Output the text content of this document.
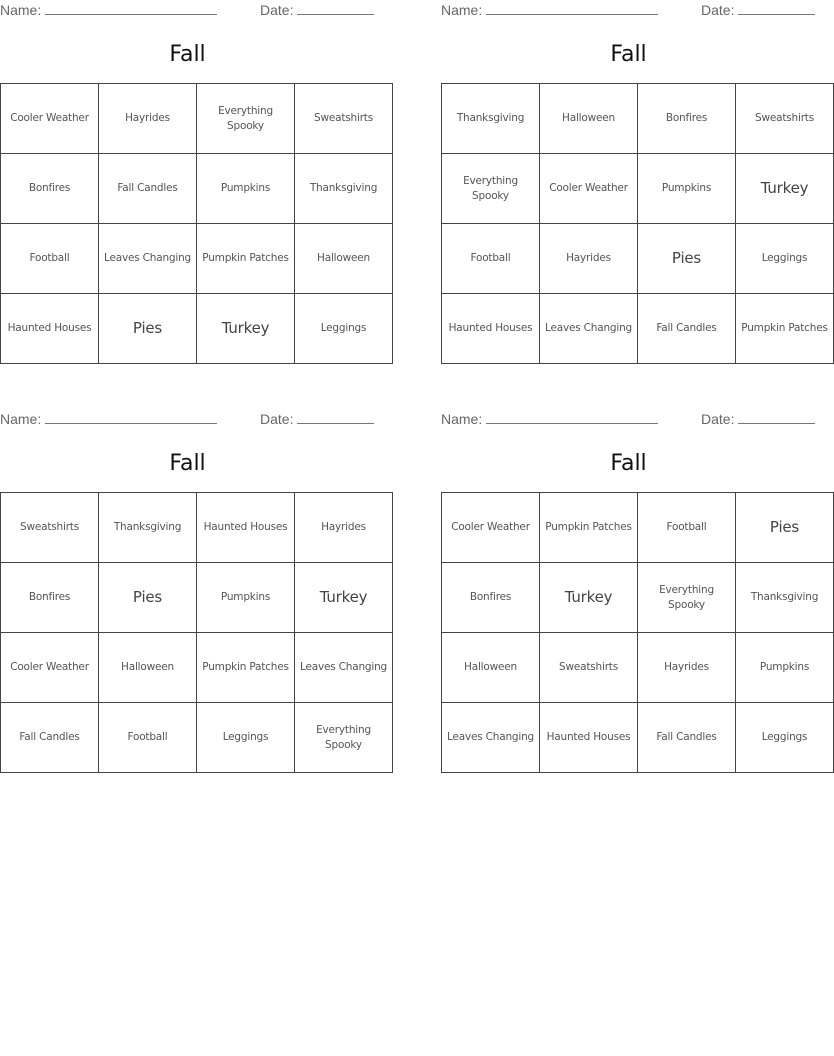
Name:	Date:
Fall
Cooler Weather	Hayrides	Everything Spooky	Sweatshirts
Bonfires	Fall Candles	Pumpkins	Thanksgiving
Football	Leaves Changing	Pumpkin Patches	Halloween
Haunted Houses	Pies	Turkey	Leggings
Name:	Date:
Fall
Thanksgiving	Halloween	Bonfires	Sweatshirts
Everything Spooky	Cooler Weather	Pumpkins	Turkey
Football	Hayrides	Pies	Leggings
Haunted Houses	Leaves Changing	Fall Candles	Pumpkin Patches
Name:	Date:
Fall
Sweatshirts	Thanksgiving	Haunted Houses	Hayrides
Bonfires	Pies	Pumpkins	Turkey
Cooler Weather	Halloween	Pumpkin Patches	Leaves Changing
Fall Candles	Football	Leggings	Everything Spooky
Name:	Date:
Fall
Cooler Weather	Pumpkin Patches	Football	Pies
Bonfires	Turkey	Everything Spooky	Thanksgiving
Halloween	Sweatshirts	Hayrides	Pumpkins
Leaves Changing	Haunted Houses	Fall Candles	Leggings
